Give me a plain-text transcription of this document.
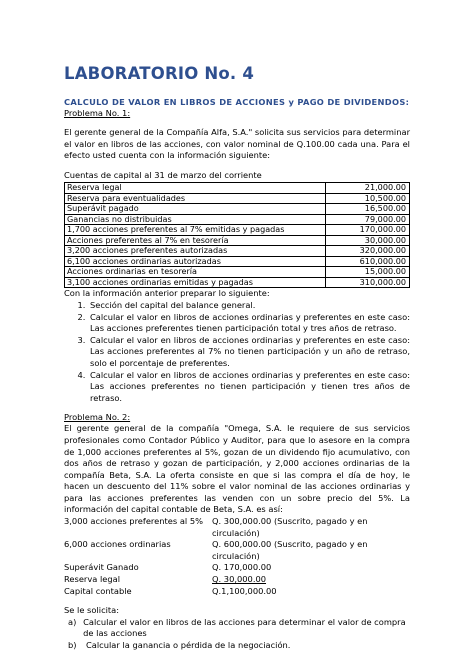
LABORATORIO No. 4
CALCULO DE VALOR EN LIBROS DE ACCIONES y PAGO DE DIVIDENDOS:
Problema No. 1:
El gerente general de la Compañía Alfa, S.A." solicita sus servicios para determinar el valor en libros de las acciones, con valor nominal de Q.100.00 cada una. Para el efecto usted cuenta con la información siguiente:
Cuentas de capital al 31 de marzo del corriente
Reserva legal	21,000.00
Reserva para eventualidades	10,500.00
Superávit pagado	16,500.00
Ganancias no distribuidas	79,000.00
1,700 acciones preferentes al 7% emitidas y pagadas	170,000.00
Acciones preferentes al 7% en tesorería	30,000.00
3,200 acciones preferentes autorizadas	320,000.00
6,100 acciones ordinarias autorizadas	610,000.00
Acciones ordinarias en tesorería	15,000.00
3,100 acciones ordinarias emitidas y pagadas	310,000.00
Con la información anterior preparar lo siguiente:
1. Sección del capital del balance general.
2. Calcular el valor en libros de acciones ordinarias y preferentes en este caso: Las acciones preferentes tienen participación total y tres años de retraso.
3. Calcular el valor en libros de acciones ordinarias y preferentes en este caso: Las acciones preferentes al 7% no tienen participación y un año de retraso, solo el porcentaje de preferentes.
4. Calcular el valor en libros de acciones ordinarias y preferentes en este caso: Las acciones preferentes no tienen participación y tienen tres años de retraso.
Problema No. 2:
El gerente general de la compañía "Omega, S.A. le requiere de sus servicios profesionales como Contador Público y Auditor, para que lo asesore en la compra de 1,000 acciones preferentes al 5%, gozan de un dividendo fijo acumulativo, con dos años de retraso y gozan de participación, y 2,000 acciones ordinarias de la compañía Beta, S.A. La oferta consiste en que si las compra el día de hoy, le hacen un descuento del 11% sobre el valor nominal de las acciones ordinarias y para las acciones preferentes las venden con un sobre precio del 5%. La información del capital contable de Beta, S.A. es así:
3,000 acciones preferentes al 5%	Q. 300,000.00 (Suscrito, pagado y en circulación)
6,000 acciones ordinarias	Q. 600,000.00 (Suscrito, pagado y en circulación)
Superávit Ganado	Q. 170,000.00
Reserva legal	Q. 30,000.00
Capital contable	Q.1,100,000.00
Se le solicita:
a) Calcular el valor en libros de las acciones para determinar el valor de compra de las acciones
b)	Calcular la ganancia o pérdida de la negociación.
